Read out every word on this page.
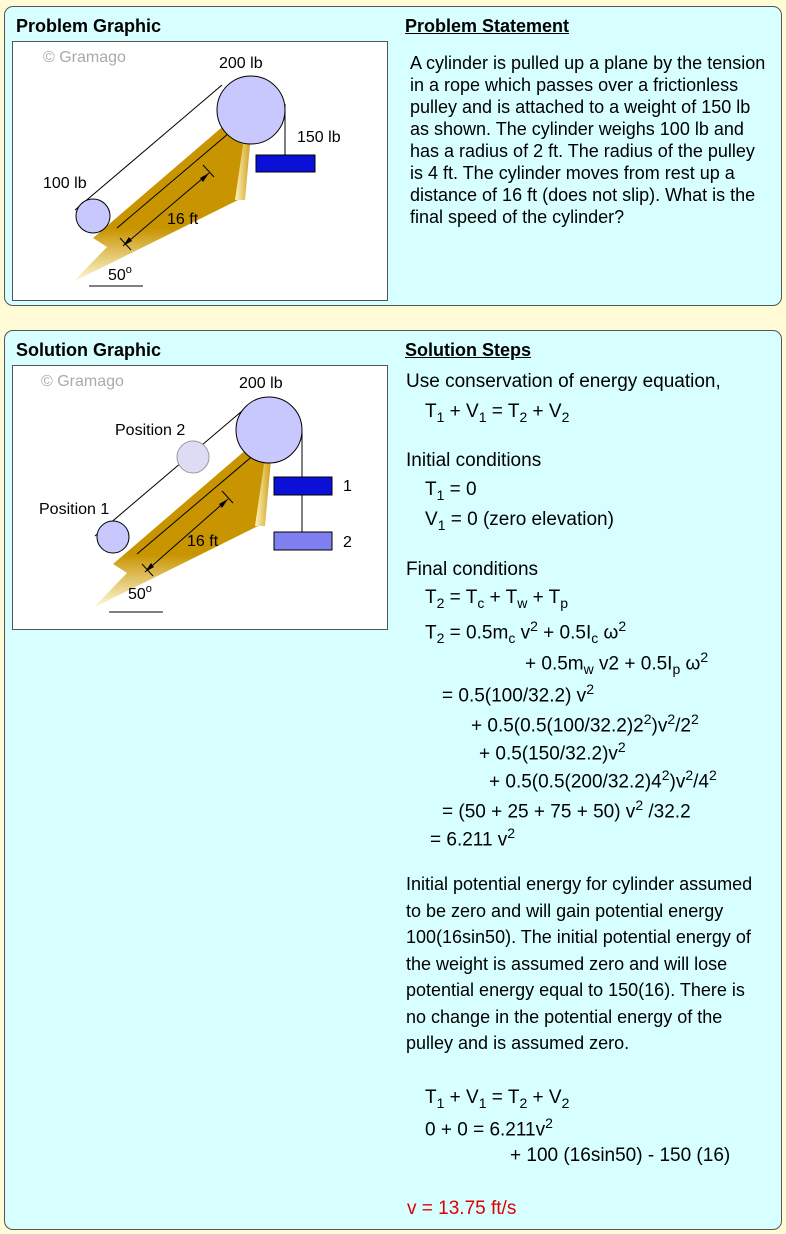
Problem Graphic	Problem Statement
© Gramago	200 lb
150 lb
100 lb
16 ft
50$^o$
A cylinder is pulled up a plane by the tension in a rope which passes over a frictionless pulley and is attached to a weight of 150 lb as shown. The cylinder weighs 100 lb and has a radius of 2 ft. The radius of the pulley is 4 ft. The cylinder moves from rest up a distance of 16 ft (does not slip). What is the final speed of the cylinder?
Solution Graphic	Solution Steps
© Gramago	200 lb
Position 2
Position 1
16 ft
1
2
50$^o$
Use conservation of energy equation,
$T_1 + V_1 = T_2 + V_2$
Initial conditions
$T_1 = 0$
$V_1 = 0$ (zero elevation)
Final conditions
$T_2 = T_c + T_w + T_p$
$T_2 = 0.5m_c$ $v^2 + 0.5I_c$ $\omega^2$
+ $0.5m_w$ $v2 + 0.5I_p$ $\omega^2$
= 0.5(100/32.2) $v^2$
+ $0.5(0.5(100/32.2)2^2)v^2/2^2$
+ $0.5(150/32.2)v^2$
+ $0.5(0.5(200/32.2)4^2)v^2/4^2$
= (50 + 25 + 75 + 50) $v^2$ /32.2
= 6.211 $v^2$
Initial potential energy for cylinder assumed to be zero and will gain potential energy 100(16sin50). The initial potential energy of the weight is assumed zero and will lose potential energy equal to 150(16). There is no change in the potential energy of the pulley and is assumed zero.
$T_1 + V_1 = T_2 + V_2$
$0 + 0 = 6.211v^2$
+ 100 (16sin50) - 150 (16)
v = 13.75 ft/s
